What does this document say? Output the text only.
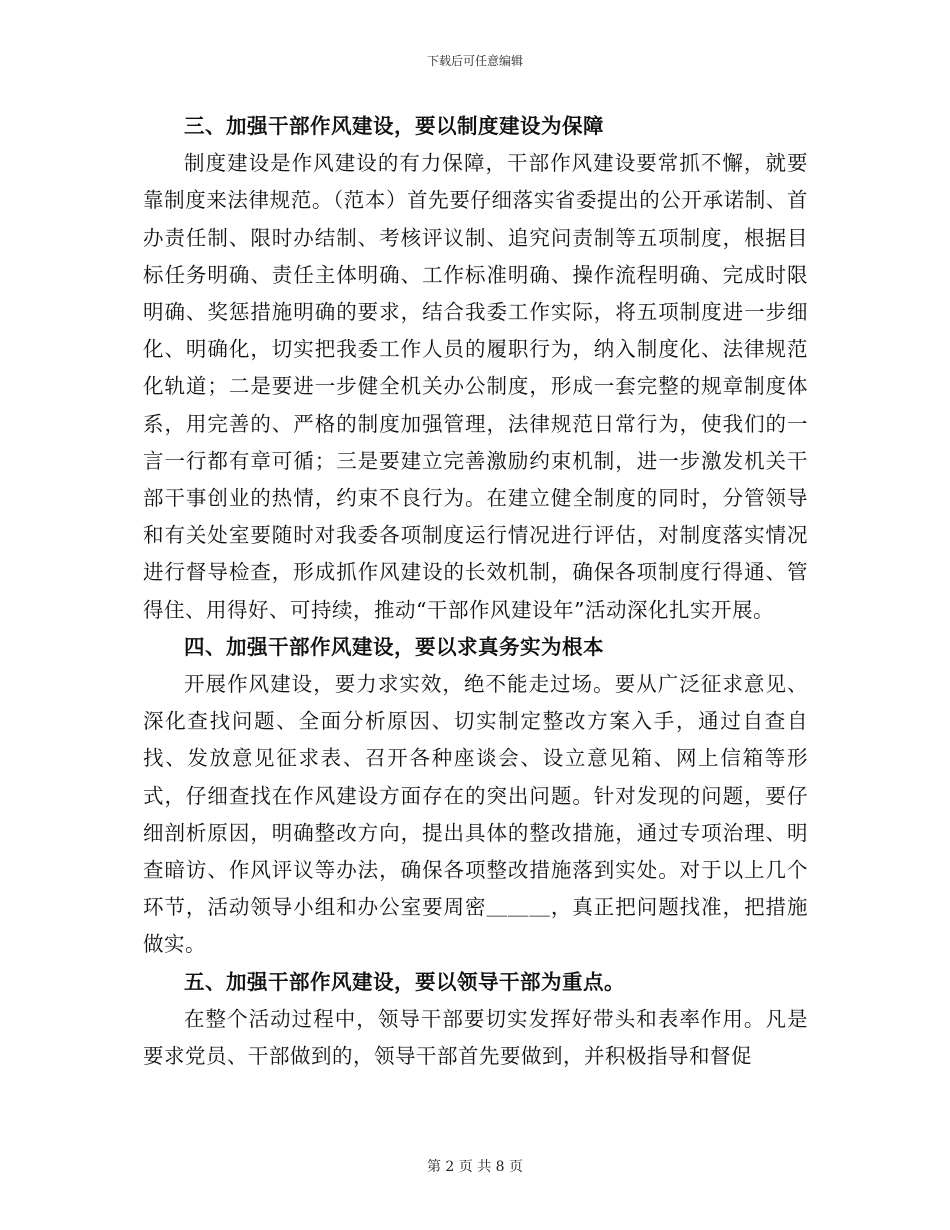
下载后可任意编辑

三、加强干部作风建设，要以制度建设为保障

制度建设是作风建设的有力保障，干部作风建设要常抓不懈，就要靠制度来法律规范。（范本）首先要仔细落实省委提出的公开承诺制、首办责任制、限时办结制、考核评议制、追究问责制等五项制度，根据目标任务明确、责任主体明确、工作标准明确、操作流程明确、完成时限明确、奖惩措施明确的要求，结合我委工作实际，将五项制度进一步细化、明确化，切实把我委工作人员的履职行为，纳入制度化、法律规范化轨道；二是要进一步健全机关办公制度，形成一套完整的规章制度体系，用完善的、严格的制度加强管理，法律规范日常行为，使我们的一言一行都有章可循；三是要建立完善激励约束机制，进一步激发机关干部干事创业的热情，约束不良行为。在建立健全制度的同时，分管领导和有关处室要随时对我委各项制度运行情况进行评估，对制度落实情况进行督导检查，形成抓作风建设的长效机制，确保各项制度行得通、管得住、用得好、可持续，推动“干部作风建设年”活动深化扎实开展。

四、加强干部作风建设，要以求真务实为根本

开展作风建设，要力求实效，绝不能走过场。要从广泛征求意见、深化查找问题、全面分析原因、切实制定整改方案入手，通过自查自找、发放意见征求表、召开各种座谈会、设立意见箱、网上信箱等形式，仔细查找在作风建设方面存在的突出问题。针对发现的问题，要仔细剖析原因，明确整改方向，提出具体的整改措施，通过专项治理、明查暗访、作风评议等办法，确保各项整改措施落到实处。对于以上几个环节，活动领导小组和办公室要周密＿＿＿，真正把问题找准，把措施做实。

五、加强干部作风建设，要以领导干部为重点。

在整个活动过程中，领导干部要切实发挥好带头和表率作用。凡是要求党员、干部做到的，领导干部首先要做到，并积极指导和督促

第 2 页 共 8 页
